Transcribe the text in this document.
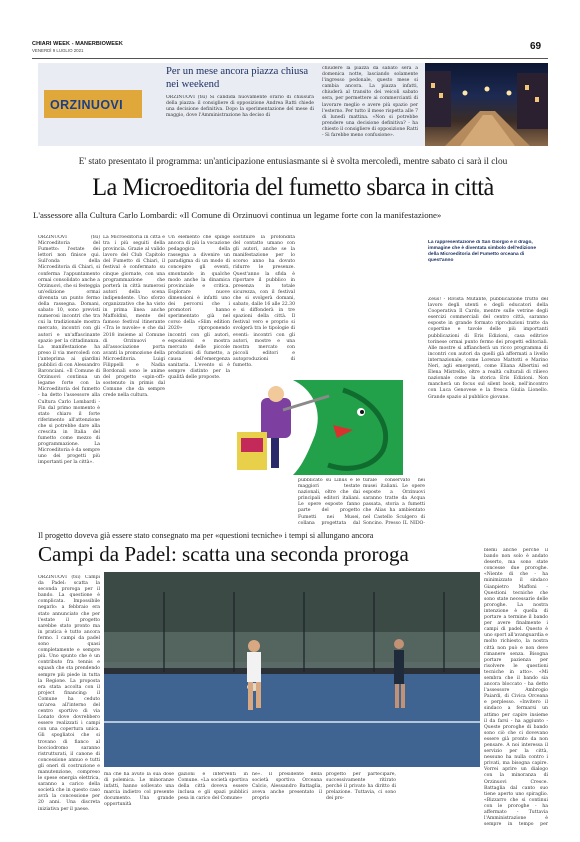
CHIARI WEEK - MANERBIOWEEK
VENERDÌ 9 LUGLIO 2021	69
ORZINUOVI
Per un mese ancora piazza chiusa nei weekend
ORZINUOVI (tsi) Si candida nuovamente orario di chiusura della piazza: il consigliere di opposizione Andrea Ratti chiede una decisione definitiva. Dopo la sperimentazione del mese di maggio, dove l'Amministrazione ha deciso di
chiudere la piazza da sabato sera a domenica notte, lasciando solamente l'ingresso pedonale, questo mese si cambia ancora. La piazza infatti, chiuderà al transito dei veicoli sabato sera, per permettere ai commercianti di lavorare meglio e avere più spazio per l'esterno. Per tutto il mese rispetta alle 7 di lunedì mattina. «Non si potrebbe prendere una decisione definitiva? - ha chiesto il consigliere di opposizione Ratti - Si farebbe meno confusione».
E' stato presentato il programma: un'anticipazione entusiasmante si è svolta mercoledì, mentre sabato ci sarà il clou
La Microeditoria del fumetto sbarca in città
L'assessore alla Cultura Carlo Lombardi: «Il Comune di Orzinuovi continua un legame forte con la manifestazione»
ORZINUOVI (tsi) Microeditoria del Fumetto: l'estate dei lettori non finisce qui. Sull'onda della Microeditoria di Chiari, si conferma l'appuntamento ormai consolidato anche a Orzinuovi, che si festeggia un'edizione ormai divenuta un punto fermo della rassegna. Domani, sabato 10, sono previsti numerosi incontri che tra cui la tradizionale mostra mercato, incontri con gli autori e un'affascinante spazio per la cittadinanza. La manifestazione ha preso il via mercoledì con l'anteprima ai giardini pubblici di con Alessandro Baronciani. «Il Comune di Orzinuovi continua un legame forte con la Microeditoria del fumetto - ha detto l'assessore alla Cultura Carlo Lombardi - Fin dal primo momento è stato chiaro il forte riferimento all'attenzione che si potrebbe dare alla crescita in Italia del fumetto come mezzo di programmazione. La Microeditoria è da sempre uno dei progetti più importanti per la città».
La Microeditoria in città è tra i più seguiti della provincia. Grazie al valido lavoro del Club Capitolo del Fumetto di Chiari, il festival è confermato su cinque giornate, con una programmazione che porterà in città numerosi autori della scena indipendente. Uno sforzo organizzativo che ha visto in prima linea anche Maffoldini, mente del famoso festival itinerante «Tra le nuvole» e che dal 2018 insieme al Comune di Orzinuovi e all'associazione porta avanti la promozione della Microeditoria. Luigi Filippelli e Nadia Bordonali sono le anime del progetto «spin-off» sostenuto in primis dal Comune che da sempre crede nella cultura.
Un elemento che spinge ancora di più la vocazione pedagogica della rassegna a divenire un paradigma di un modo di concepire gli eventi, smontando in qualche modo anche la dinamica provinciale e critica. Esplorare nuove dimensioni è infatti uno dei percorsi che i promotori hanno sperimentato già nel corso della «Slim edition 2020» riproponendo incontri con gli autori, esposizioni e mostra mercato delle piccole produzioni di fumetto, a causa dell'emergenza sanitaria. L'evento si è sempre distinto per la qualità delle proposte.
sostituire la profondità del contatto umano con gli autori, anche se la manifestazione per lo scorso anno ha dovuto ridurre le presenze. Quest'anno la sfida è riportare il pubblico in presenza in totale sicurezza, con il festival che si svolgerà domani, sabato, dalle 16 alle 22.30 e si diffonderà in tre spazioni della città. Il festival vero e proprio si svolgerà tra le tipologie di eventi: incontri con gli autori, mostre e una mostra mercato con piccoli editori e autoproduzioni di fumetto.
pubblicato su Linus e le maggiori testate nazionali, oltre che dai principali editori italiani. Le opere esposte fanno parte del progetto Fumetti nei Musei, collana progettata dal
turale conservato nei musei italiani. Le opere esposte a Orzinuovi saranno tratte da Acqua passata, storia a fumetti che Alias ha ambientato nel Castello Sculgero di Soncino. Presso IL NIDO-
La rappresentazione di San Giorgio e il drago, immagine che è diventata simbolo dell'edizione della Microeditoria del Fumetto orceana di quest'anno
Zeus! - Rivista Mutante, pubblicazione frutto del lavoro degli utenti e degli educatori della Cooperativa Il Cardo, mentre sulle vetrine degli esercizi commerciali del centro città, saranno esposte in grande formato riproduzioni tratte da copertine e tavole delle più importanti pubblicazioni di Eris Edizioni, casa editrice torinese ormai punto fermo dei progetti editoriali. Alle mostre si affiancherà un ricco programma di incontri con autori da quelli già affermati a livello internazionale, come Lorenzo Mattotti e Marino Neri, agli emergenti, come Eliana Albertini ed Elena Mistrello, oltre a realtà culturali di rilievo nazionale come la storica Eris Edizioni. Non mancherà un focus sul silent book, nell'incontro con Luca Genovese e la fresca Giulia Lionello. Grande spazio al pubblico giovane.
Il progetto doveva già essere stato consegnato ma per «questioni tecniche» i tempi si allungano ancora
Campi da Padel: scatta una seconda proroga
ORZINUOVI (tsi) Campi da Padel: scatta la seconda proroga per il bando. La questione è complicata. Impossibile negarlo: a febbraio era stato annunciato che per l'estate il progetto sarebbe stato pronto ma in pratica è tutto ancora fermo. I campi da padel sono quasi completamente e sempre più. Uno spunto che è un contributo fra tennis e squash che sta prendendo sempre più piede in tutta la Regione. La proposta era stata accolta con il project financing: il Comune ha ceduto un'area all'interno del centro sportivo di via Lonato dove dovrebbero essere realizzati i campi con una copertura unica. Gli spogliatoi che si trovano di fianco al bocciodromo saranno ristrutturati, il canone di concessione annuo e tutti gli oneri di costruzione e manutenzione, compreso le spese energia elettrica, saranno a carico della società che in questo caso avrà la concessione per 20 anni. Una discreta iniziativa per il paese.
ma che ha avuto la sua dose di polemica. Le minoranze infatti, hanno sollevato una marcia indietro col presente documento. Una grande opportunità
gazioni e interventi in Comune. «La società sportiva della città doveva essere inclusa e gli spazi pubblici pesa in carico del Comune»
ne». Il presidente della società sportiva Orceana Calcio, Alessandro Battaglia, aveva anche presentato il proprio
progetto per partecipare, successivamente ritirato perché il privato ha diritto di prelazione. Tuttavia, ci sono dei pro-
blemi anche perché il bando non solo è andato deserto, ma sono state concesse due proroghe. «Niente di che - ha minimizzato il sindaco Gianpietro Maffoni - Questioni tecniche che sono state necessarie delle proroghe. La nostra intenzione è quella di portare a termine il bando per avere finalmente i campi di padel. Questo è uno sport all'avanguardia e molto richiesto, la nostra città non può e non deve rimanere senza. Bisogna portare pazienza per risolvere le questioni tecniche in atto». «Mi sembra che il bando sia ancora bloccato - ha detto l'assessore Ambrogio Paiardi, di Civica Orceana e perplesso. «Invitero il sindaco a fermarsi un attimo per capire insieme il da farsi - ha aggiunto - Queste proroghe di bando sono ciò che ci dovevano essere già pronto da non pensare. A noi interessa il servizio per la città, nessuno ha nulla contro i privati, ma bisogna capire. Vorrei aprire un dialogo con la minoranza di Orzinuovi Cresce. Battaglia dal canto suo tiene aperto uno spiraglio. «Bizzarro che si continui con le proroghe - ha affermato - Tuttavia l'Amministrazione è sempre in tempo per
